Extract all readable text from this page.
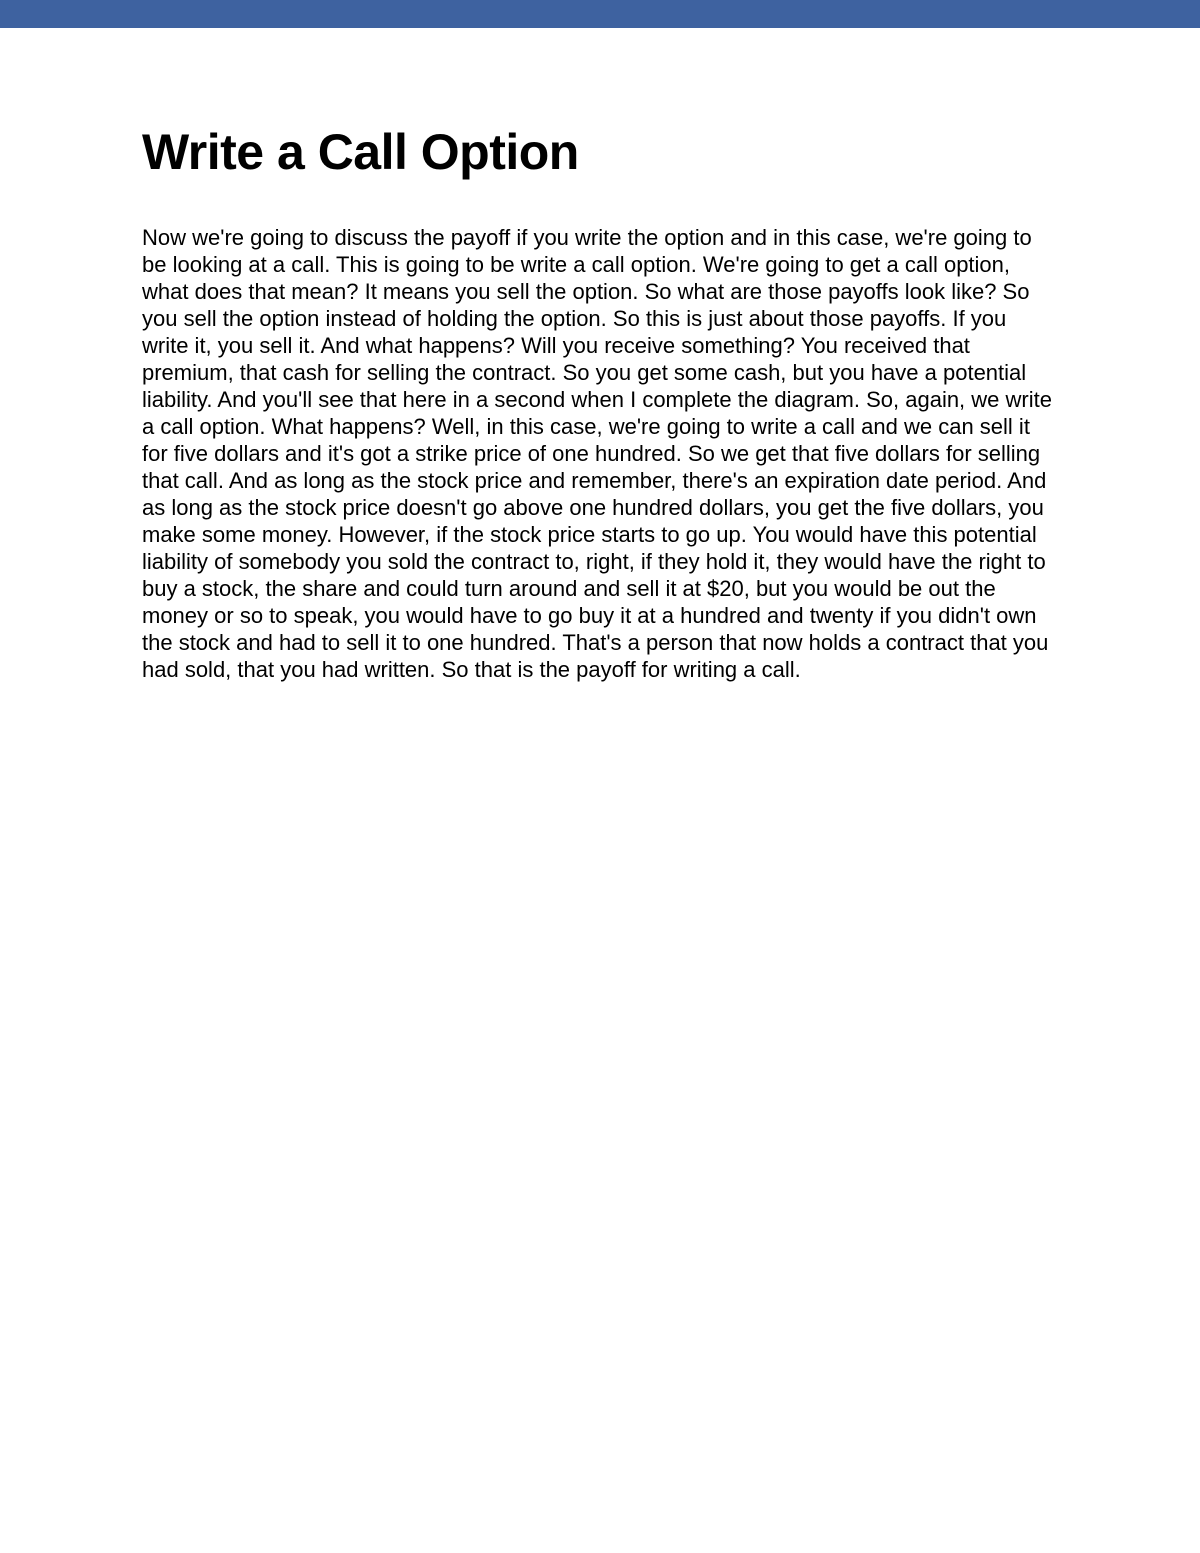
Write a Call Option

Now we're going to discuss the payoff if you write the option and in this case, we're going to be looking at a call. This is going to be write a call option. We're going to get a call option, what does that mean? It means you sell the option. So what are those payoffs look like? So you sell the option instead of holding the option. So this is just about those payoffs. If you write it, you sell it. And what happens? Will you receive something? You received that premium, that cash for selling the contract. So you get some cash, but you have a potential liability. And you'll see that here in a second when I complete the diagram. So, again, we write a call option. What happens? Well, in this case, we're going to write a call and we can sell it for five dollars and it's got a strike price of one hundred. So we get that five dollars for selling that call. And as long as the stock price and remember, there's an expiration date period. And as long as the stock price doesn't go above one hundred dollars, you get the five dollars, you make some money. However, if the stock price starts to go up. You would have this potential liability of somebody you sold the contract to, right, if they hold it, they would have the right to buy a stock, the share and could turn around and sell it at $20, but you would be out the money or so to speak, you would have to go buy it at a hundred and twenty if you didn't own the stock and had to sell it to one hundred. That's a person that now holds a contract that you had sold, that you had written. So that is the payoff for writing a call.
